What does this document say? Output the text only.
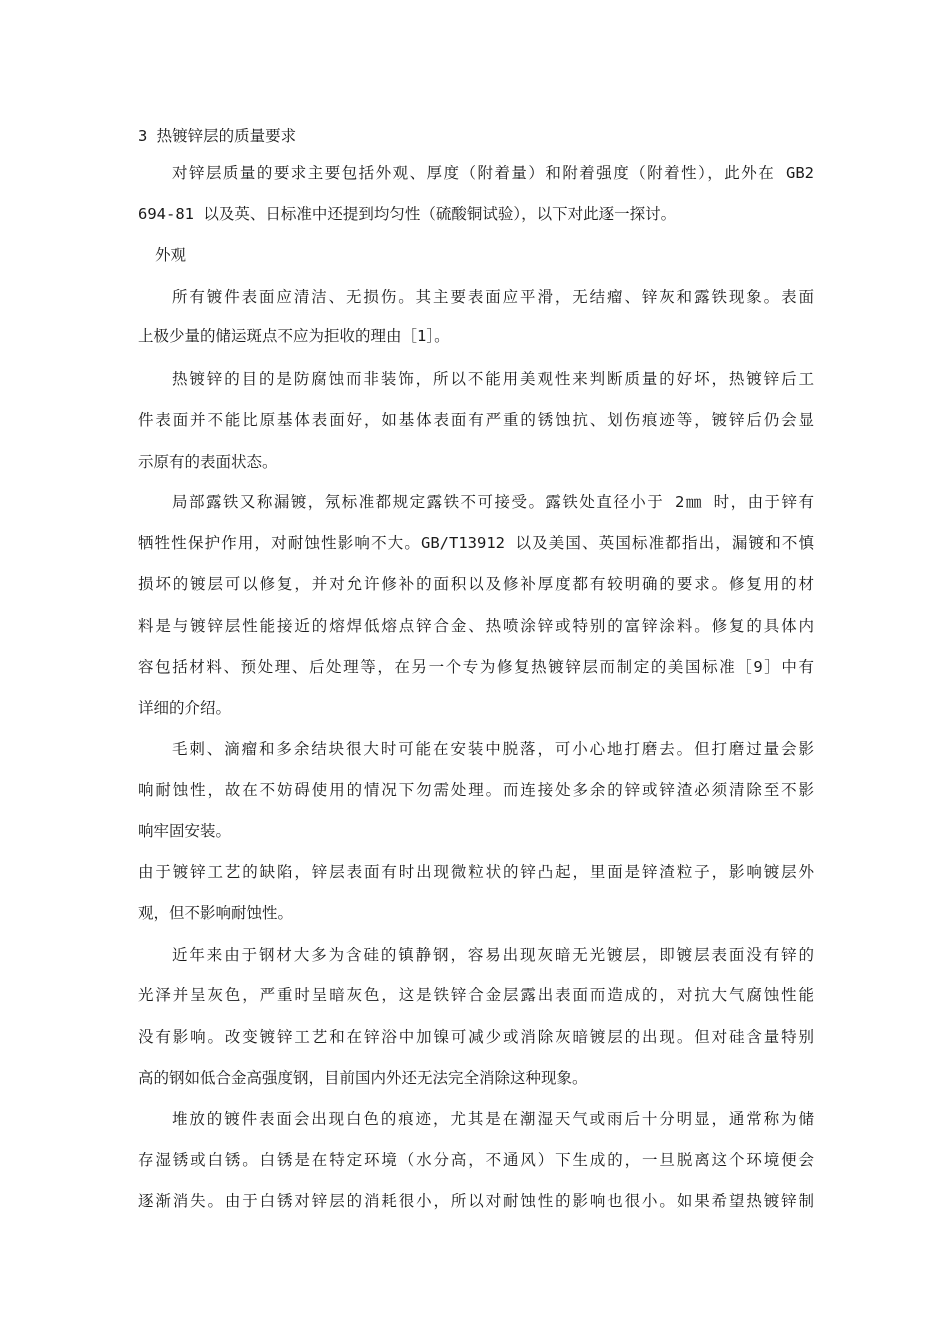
3 热镀锌层的质量要求
对锌层质量的要求主要包括外观、厚度（附着量）和附着强度（附着性），此外在 GB2
694-81 以及英、日标准中还提到均匀性（硫酸铜试验），以下对此逐一探讨。
外观
所有镀件表面应清洁、无损伤。其主要表面应平滑，无结瘤、锌灰和露铁现象。表面
上极少量的储运斑点不应为拒收的理由［1］。
热镀锌的目的是防腐蚀而非装饰，所以不能用美观性来判断质量的好坏，热镀锌后工
件表面并不能比原基体表面好，如基体表面有严重的锈蚀抗、划伤痕迹等，镀锌后仍会显
示原有的表面状态。
局部露铁又称漏镀，氖标准都规定露铁不可接受。露铁处直径小于 2㎜ 时，由于锌有
牺牲性保护作用，对耐蚀性影响不大。GB/T13912 以及美国、英国标准都指出，漏镀和不慎
损坏的镀层可以修复，并对允许修补的面积以及修补厚度都有较明确的要求。修复用的材
料是与镀锌层性能接近的熔焊低熔点锌合金、热喷涂锌或特别的富锌涂料。修复的具体内
容包括材料、预处理、后处理等，在另一个专为修复热镀锌层而制定的美国标准［9］中有
详细的介绍。
毛刺、滴瘤和多余结块很大时可能在安装中脱落，可小心地打磨去。但打磨过量会影
响耐蚀性，故在不妨碍使用的情况下勿需处理。而连接处多余的锌或锌渣必须清除至不影
响牢固安装。
由于镀锌工艺的缺陷，锌层表面有时出现微粒状的锌凸起，里面是锌渣粒子，影响镀层外
观，但不影响耐蚀性。
近年来由于钢材大多为含硅的镇静钢，容易出现灰暗无光镀层，即镀层表面没有锌的
光泽并呈灰色，严重时呈暗灰色，这是铁锌合金层露出表面而造成的，对抗大气腐蚀性能
没有影响。改变镀锌工艺和在锌浴中加镍可减少或消除灰暗镀层的出现。但对硅含量特别
高的钢如低合金高强度钢，目前国内外还无法完全消除这种现象。
堆放的镀件表面会出现白色的痕迹，尤其是在潮湿天气或雨后十分明显，通常称为储
存湿锈或白锈。白锈是在特定环境（水分高，不通风）下生成的，一旦脱离这个环境便会
逐渐消失。由于白锈对锌层的消耗很小，所以对耐蚀性的影响也很小。如果希望热镀锌制
